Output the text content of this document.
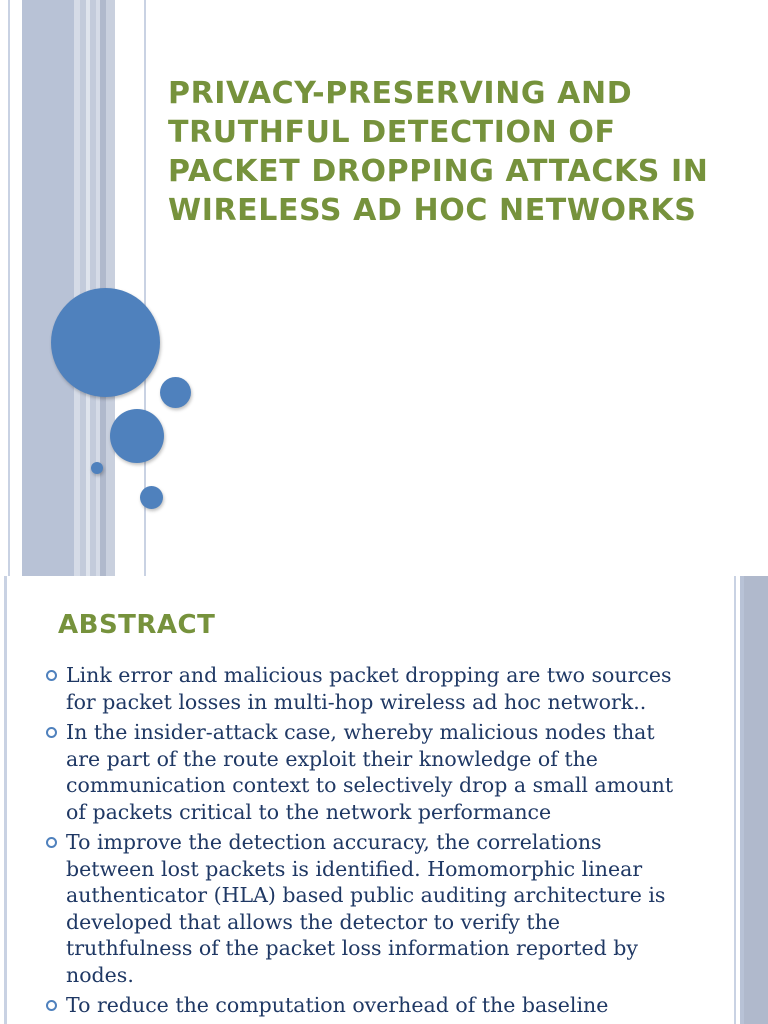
PRIVACY-PRESERVING AND TRUTHFUL DETECTION OF PACKET DROPPING ATTACKS IN WIRELESS AD HOC NETWORKS
ABSTRACT
Link error and malicious packet dropping are two sources for packet losses in multi-hop wireless ad hoc network..
In the insider-attack case, whereby malicious nodes that are part of the route exploit their knowledge of the communication context to selectively drop a small amount of packets critical to the network performance
To improve the detection accuracy, the correlations between lost packets is identified. Homomorphic linear authenticator (HLA) based public auditing architecture is developed that allows the detector to verify the truthfulness of the packet loss information reported by nodes.
To reduce the computation overhead of the baseline
